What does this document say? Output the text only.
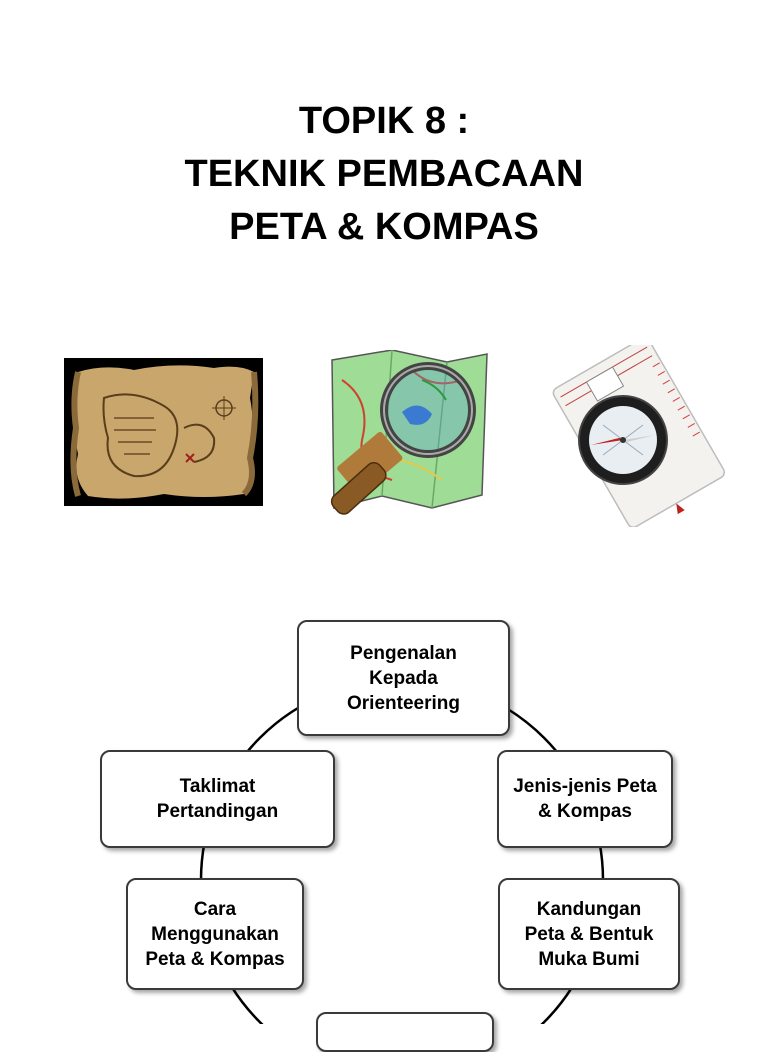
TOPIK 8 :
TEKNIK PEMBACAAN
PETA & KOMPAS
Pengenalan
Kepada
Orienteering
Jenis-jenis Peta
& Kompas
Kandungan
Peta & Bentuk
Muka Bumi
Cara
Menggunakan
Peta & Kompas
Taklimat
Pertandingan
